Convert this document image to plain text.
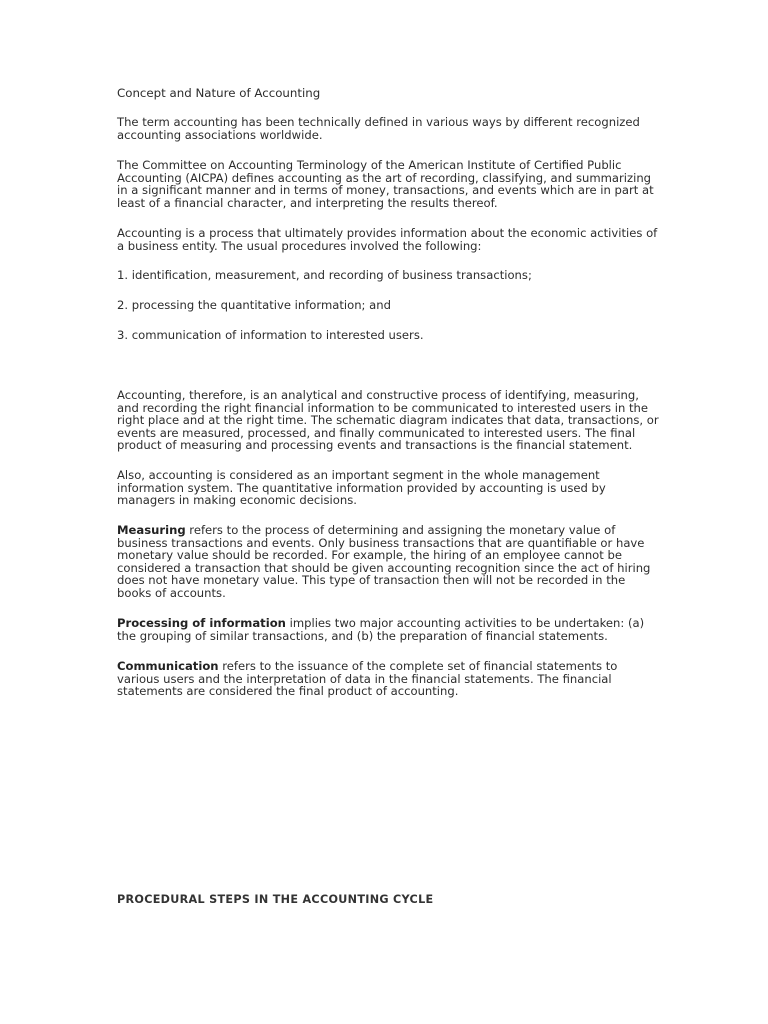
Concept and Nature of Accounting

The term accounting has been technically defined in various ways by different recognized accounting associations worldwide.

The Committee on Accounting Terminology of the American Institute of Certified Public Accounting (AICPA) defines accounting as the art of recording, classifying, and summarizing in a significant manner and in terms of money, transactions, and events which are in part at least of a financial character, and interpreting the results thereof.

Accounting is a process that ultimately provides information about the economic activities of a business entity. The usual procedures involved the following:

1. identification, measurement, and recording of business transactions;

2. processing the quantitative information; and

3. communication of information to interested users.

Accounting, therefore, is an analytical and constructive process of identifying, measuring, and recording the right financial information to be communicated to interested users in the right place and at the right time. The schematic diagram indicates that data, transactions, or events are measured, processed, and finally communicated to interested users. The final product of measuring and processing events and transactions is the financial statement.

Also, accounting is considered as an important segment in the whole management information system. The quantitative information provided by accounting is used by managers in making economic decisions.

Measuring refers to the process of determining and assigning the monetary value of business transactions and events. Only business transactions that are quantifiable or have monetary value should be recorded. For example, the hiring of an employee cannot be considered a transaction that should be given accounting recognition since the act of hiring does not have monetary value. This type of transaction then will not be recorded in the books of accounts.

Processing of information implies two major accounting activities to be undertaken: (a) the grouping of similar transactions, and (b) the preparation of financial statements.

Communication refers to the issuance of the complete set of financial statements to various users and the interpretation of data in the financial statements. The financial statements are considered the final product of accounting.

PROCEDURAL STEPS IN THE ACCOUNTING CYCLE
